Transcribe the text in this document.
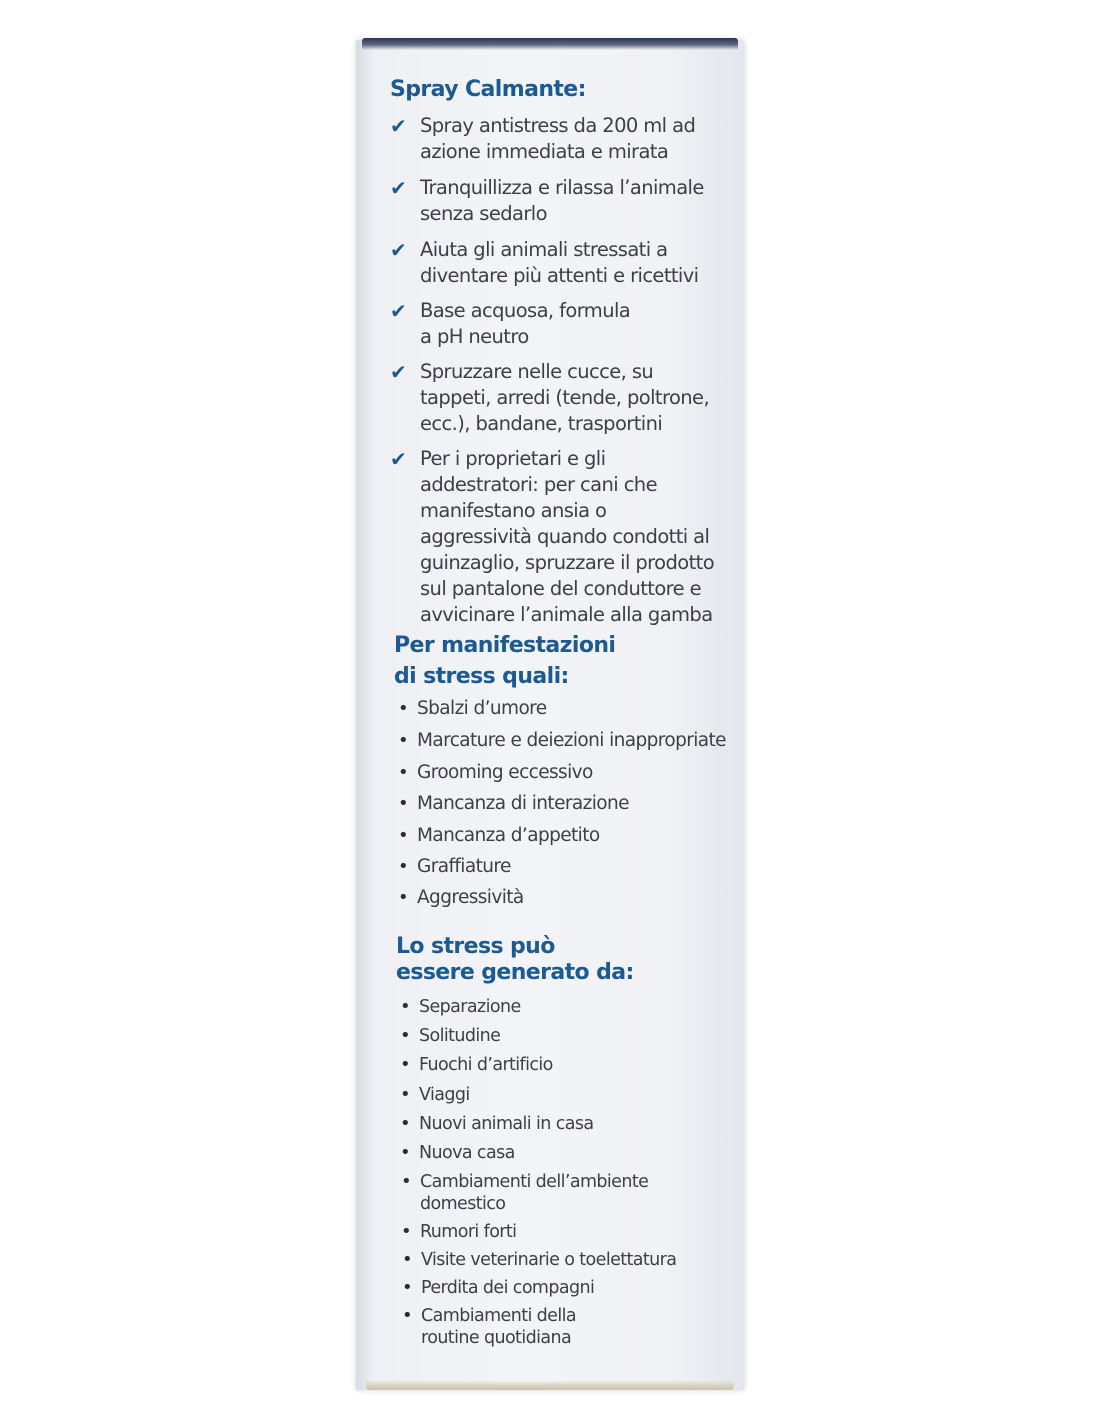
Spray Calmante:
✔ Spray antistress da 200 ml ad azione immediata e mirata
✔ Tranquillizza e rilassa l’animale senza sedarlo
✔ Aiuta gli animali stressati a diventare più attenti e ricettivi
✔ Base acquosa, formula a pH neutro
✔ Spruzzare nelle cucce, su tappeti, arredi (tende, poltrone, ecc.), bandane, trasportini
✔ Per i proprietari e gli addestratori: per cani che manifestano ansia o aggressività quando condotti al guinzaglio, spruzzare il prodotto sul pantalone del conduttore e avvicinare l’animale alla gamba
Per manifestazioni di stress quali:
• Sbalzi d’umore
• Marcature e deiezioni inappropriate
• Grooming eccessivo
• Mancanza di interazione
• Mancanza d’appetito
• Graffiature
• Aggressività
Lo stress può essere generato da:
• Separazione
• Solitudine
• Fuochi d’artificio
• Viaggi
• Nuovi animali in casa
• Nuova casa
• Cambiamenti dell’ambiente domestico
• Rumori forti
• Visite veterinarie o toelettatura
• Perdita dei compagni
• Cambiamenti della routine quotidiana
